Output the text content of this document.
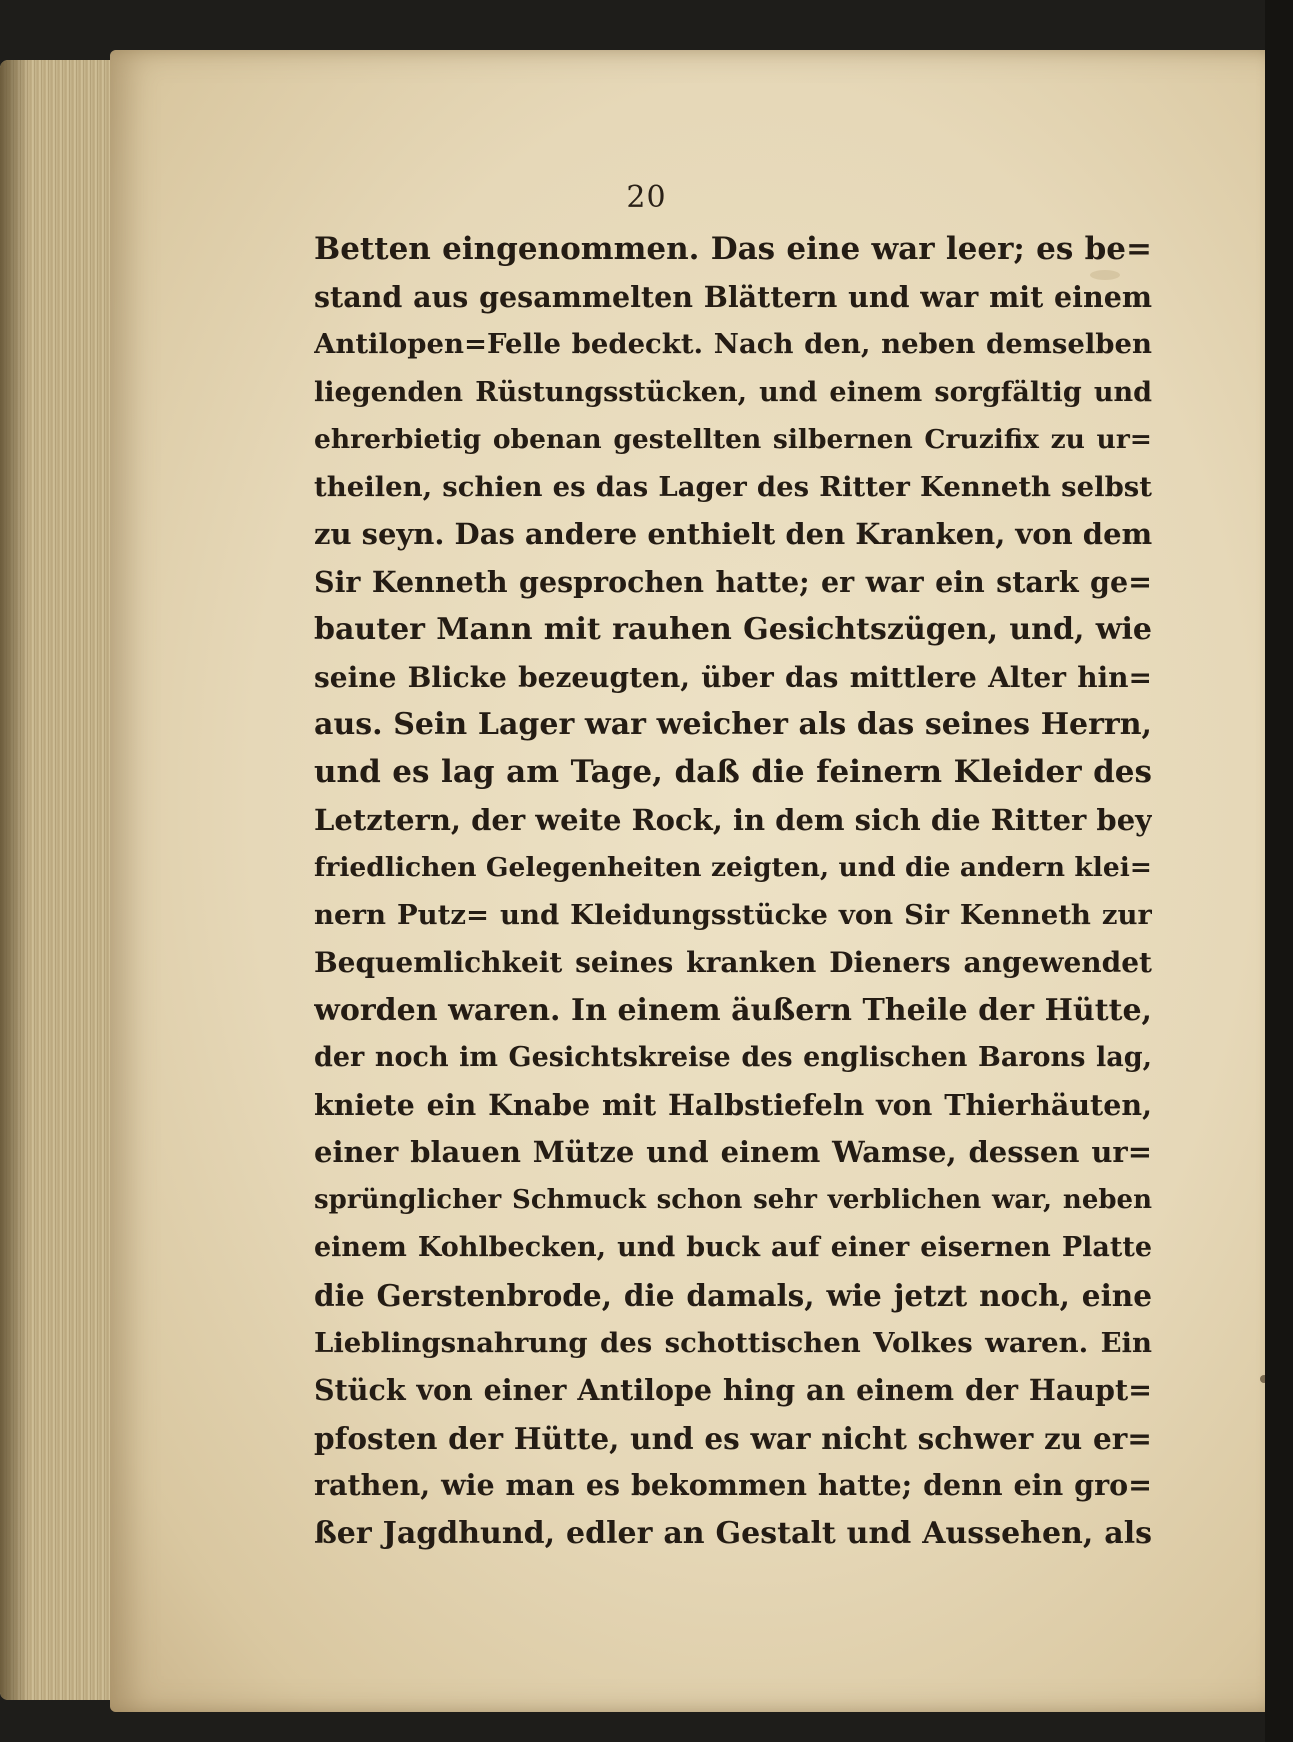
20
Betten eingenommen. Das eine war leer; es be=
stand aus gesammelten Blättern und war mit einem
Antilopen=Felle bedeckt. Nach den, neben demselben
liegenden Rüstungsstücken, und einem sorgfältig und
ehrerbietig obenan gestellten silbernen Cruzifix zu ur=
theilen, schien es das Lager des Ritter Kenneth selbst
zu seyn. Das andere enthielt den Kranken, von dem
Sir Kenneth gesprochen hatte; er war ein stark ge=
bauter Mann mit rauhen Gesichtszügen, und, wie
seine Blicke bezeugten, über das mittlere Alter hin=
aus. Sein Lager war weicher als das seines Herrn,
und es lag am Tage, daß die feinern Kleider des
Letztern, der weite Rock, in dem sich die Ritter bey
friedlichen Gelegenheiten zeigten, und die andern klei=
nern Putz= und Kleidungsstücke von Sir Kenneth zur
Bequemlichkeit seines kranken Dieners angewendet
worden waren. In einem äußern Theile der Hütte,
der noch im Gesichtskreise des englischen Barons lag,
kniete ein Knabe mit Halbstiefeln von Thierhäuten,
einer blauen Mütze und einem Wamse, dessen ur=
sprünglicher Schmuck schon sehr verblichen war, neben
einem Kohlbecken, und buck auf einer eisernen Platte
die Gerstenbrode, die damals, wie jetzt noch, eine
Lieblingsnahrung des schottischen Volkes waren. Ein
Stück von einer Antilope hing an einem der Haupt=
pfosten der Hütte, und es war nicht schwer zu er=
rathen, wie man es bekommen hatte; denn ein gro=
ßer Jagdhund, edler an Gestalt und Aussehen, als
